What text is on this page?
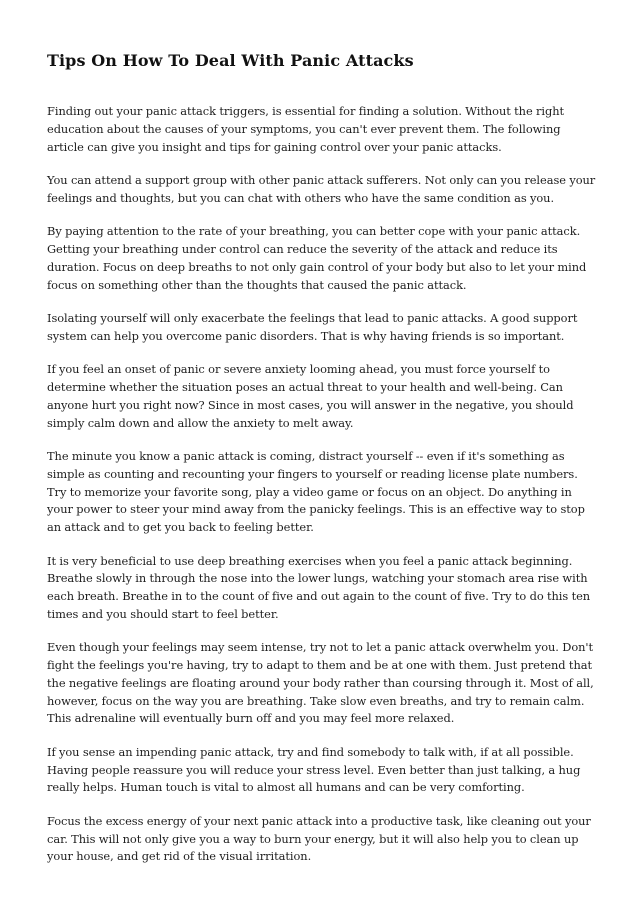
Tips On How To Deal With Panic Attacks

Finding out your panic attack triggers, is essential for finding a solution. Without the right education about the causes of your symptoms, you can't ever prevent them. The following article can give you insight and tips for gaining control over your panic attacks.

You can attend a support group with other panic attack sufferers. Not only can you release your feelings and thoughts, but you can chat with others who have the same condition as you.

By paying attention to the rate of your breathing, you can better cope with your panic attack. Getting your breathing under control can reduce the severity of the attack and reduce its duration. Focus on deep breaths to not only gain control of your body but also to let your mind focus on something other than the thoughts that caused the panic attack.

Isolating yourself will only exacerbate the feelings that lead to panic attacks. A good support system can help you overcome panic disorders. That is why having friends is so important.

If you feel an onset of panic or severe anxiety looming ahead, you must force yourself to determine whether the situation poses an actual threat to your health and well-being. Can anyone hurt you right now? Since in most cases, you will answer in the negative, you should simply calm down and allow the anxiety to melt away.

The minute you know a panic attack is coming, distract yourself -- even if it's something as simple as counting and recounting your fingers to yourself or reading license plate numbers. Try to memorize your favorite song, play a video game or focus on an object. Do anything in your power to steer your mind away from the panicky feelings. This is an effective way to stop an attack and to get you back to feeling better.

It is very beneficial to use deep breathing exercises when you feel a panic attack beginning. Breathe slowly in through the nose into the lower lungs, watching your stomach area rise with each breath. Breathe in to the count of five and out again to the count of five. Try to do this ten times and you should start to feel better.

Even though your feelings may seem intense, try not to let a panic attack overwhelm you. Don't fight the feelings you're having, try to adapt to them and be at one with them. Just pretend that the negative feelings are floating around your body rather than coursing through it. Most of all, however, focus on the way you are breathing. Take slow even breaths, and try to remain calm. This adrenaline will eventually burn off and you may feel more relaxed.

If you sense an impending panic attack, try and find somebody to talk with, if at all possible. Having people reassure you will reduce your stress level. Even better than just talking, a hug really helps. Human touch is vital to almost all humans and can be very comforting.

Focus the excess energy of your next panic attack into a productive task, like cleaning out your car. This will not only give you a way to burn your energy, but it will also help you to clean up your house, and get rid of the visual irritation.
